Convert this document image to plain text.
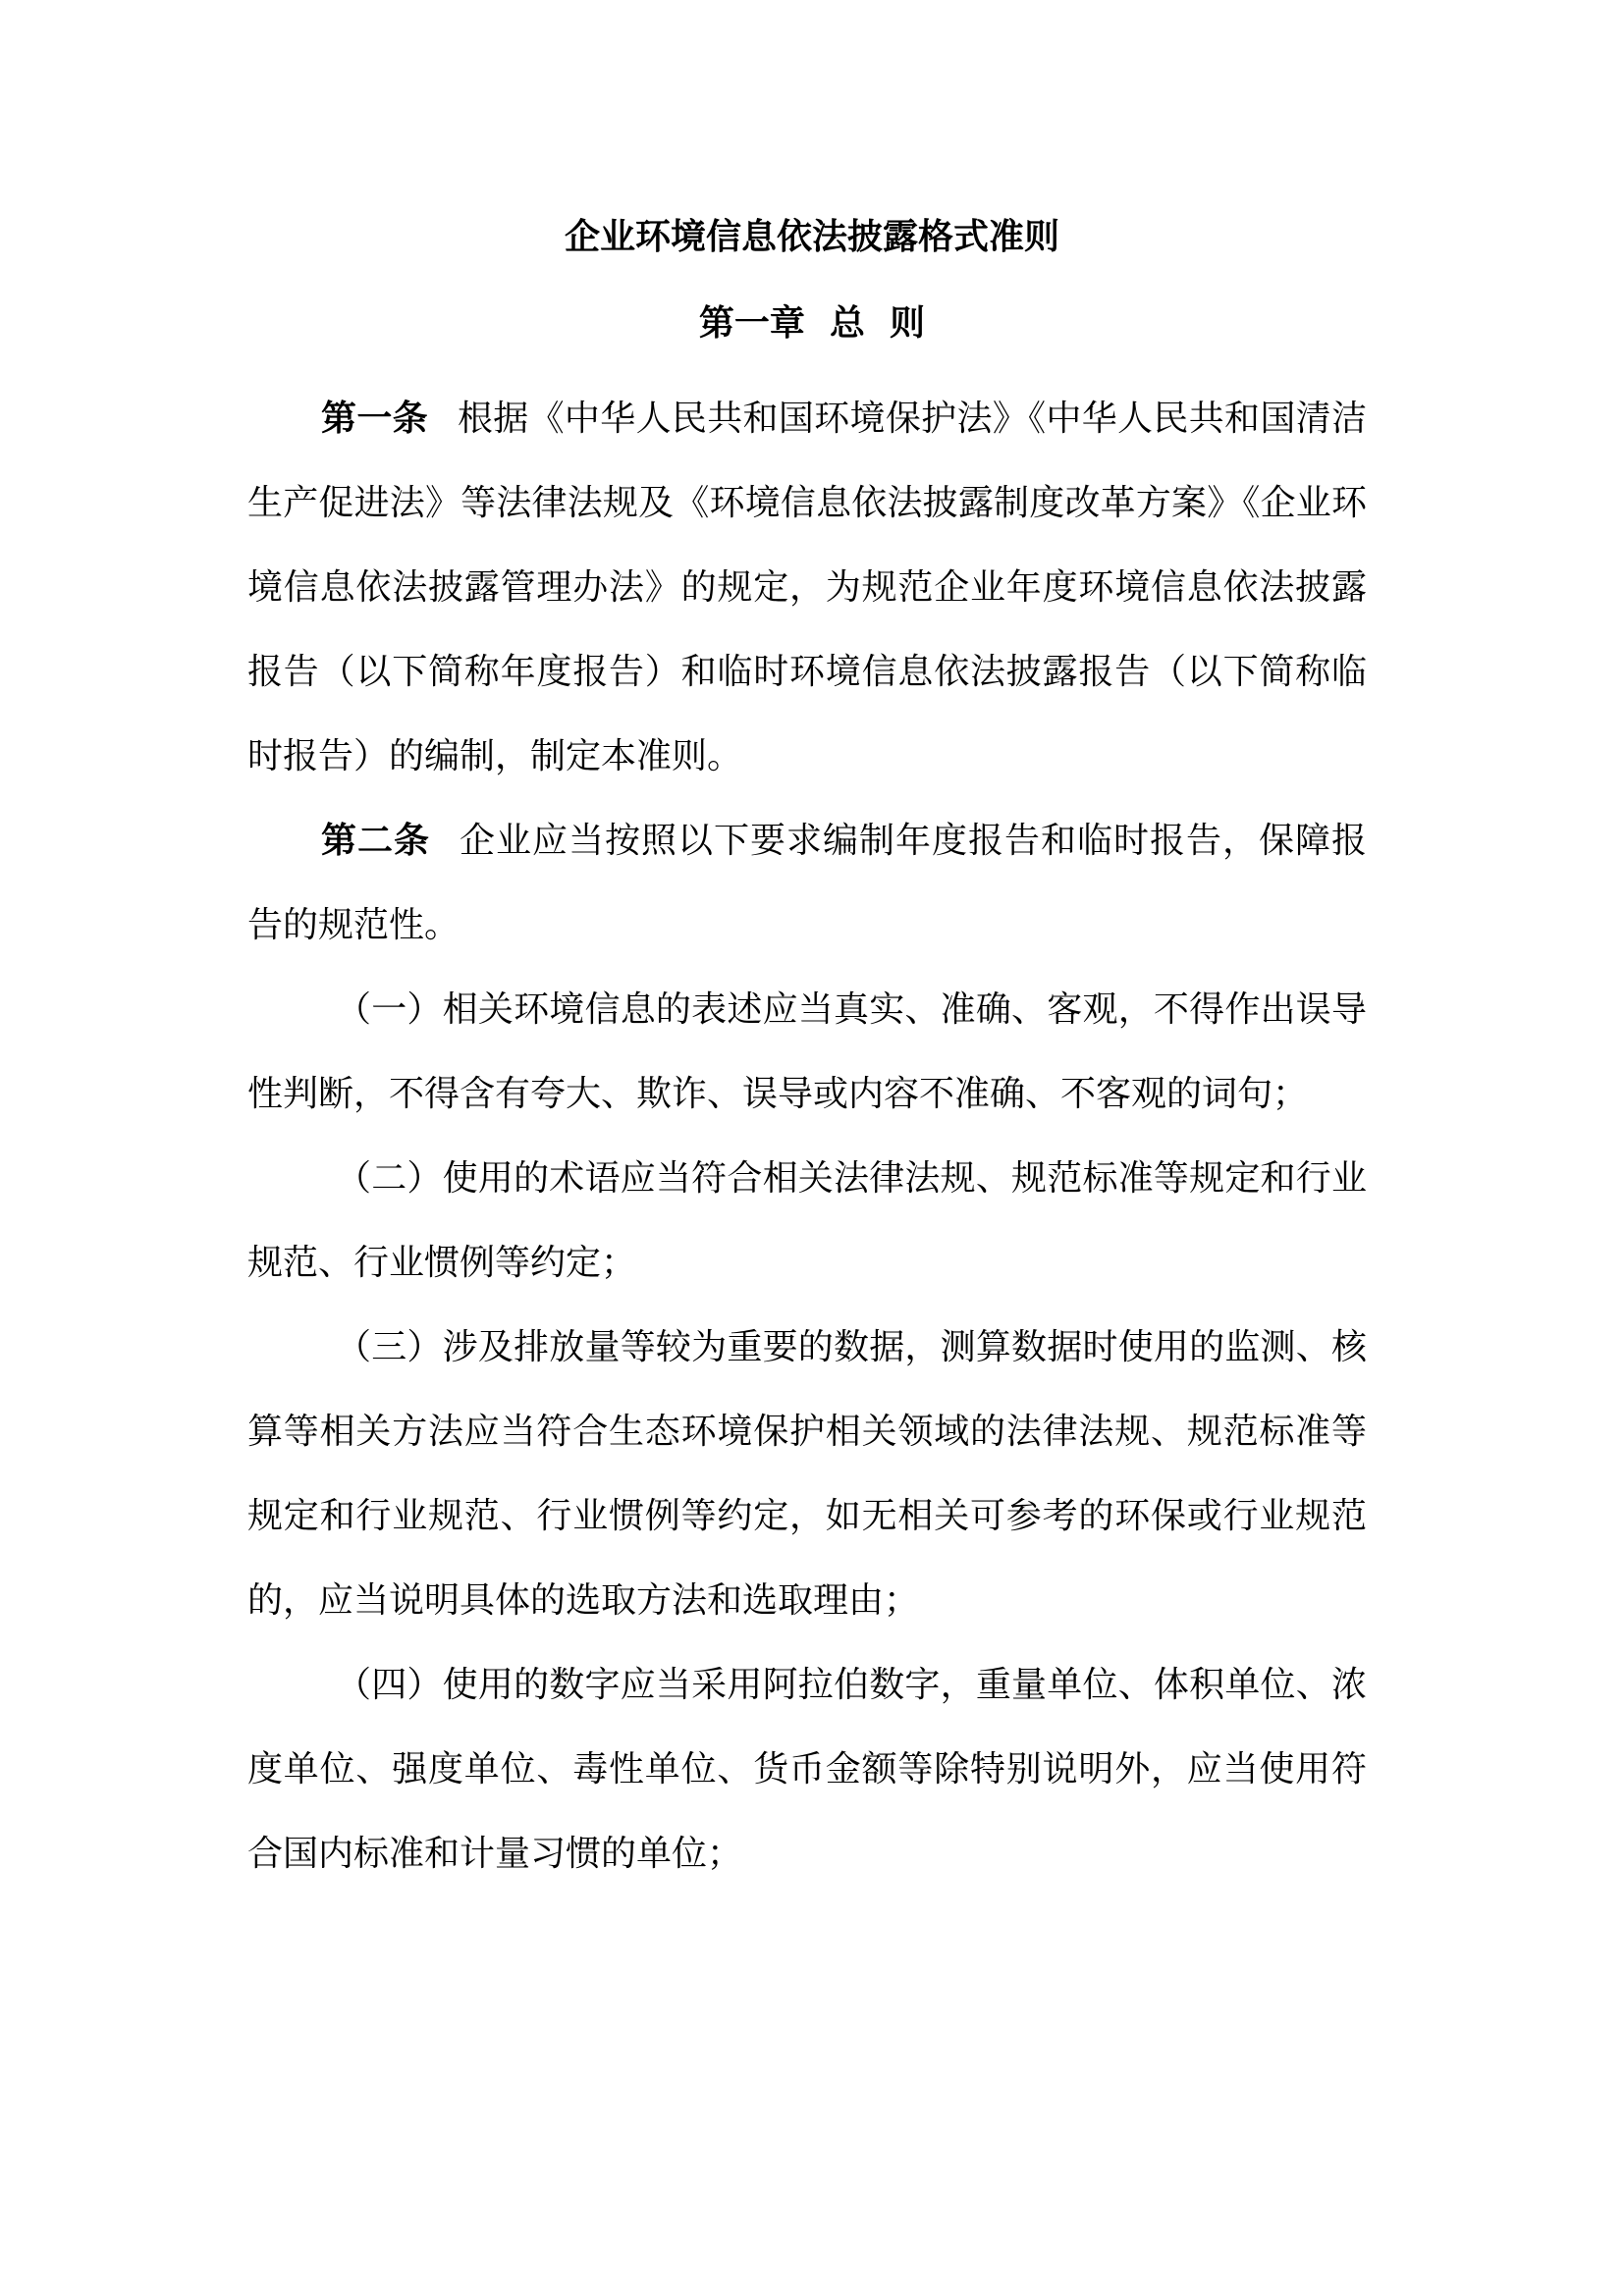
企业环境信息依法披露格式准则
第一章  总  则

第一条 根据《中华人民共和国环境保护法》《中华人民共和国清洁生产促进法》等法律法规及《环境信息依法披露制度改革方案》《企业环境信息依法披露管理办法》的规定，为规范企业年度环境信息依法披露报告（以下简称年度报告）和临时环境信息依法披露报告（以下简称临时报告）的编制，制定本准则。

第二条 企业应当按照以下要求编制年度报告和临时报告，保障报告的规范性。

（一）相关环境信息的表述应当真实、准确、客观，不得作出误导性判断，不得含有夸大、欺诈、误导或内容不准确、不客观的词句；

（二）使用的术语应当符合相关法律法规、规范标准等规定和行业规范、行业惯例等约定；

（三）涉及排放量等较为重要的数据，测算数据时使用的监测、核算等相关方法应当符合生态环境保护相关领域的法律法规、规范标准等规定和行业规范、行业惯例等约定，如无相关可参考的环保或行业规范的，应当说明具体的选取方法和选取理由；

（四）使用的数字应当采用阿拉伯数字，重量单位、体积单位、浓度单位、强度单位、毒性单位、货币金额等除特别说明外，应当使用符合国内标准和计量习惯的单位；
